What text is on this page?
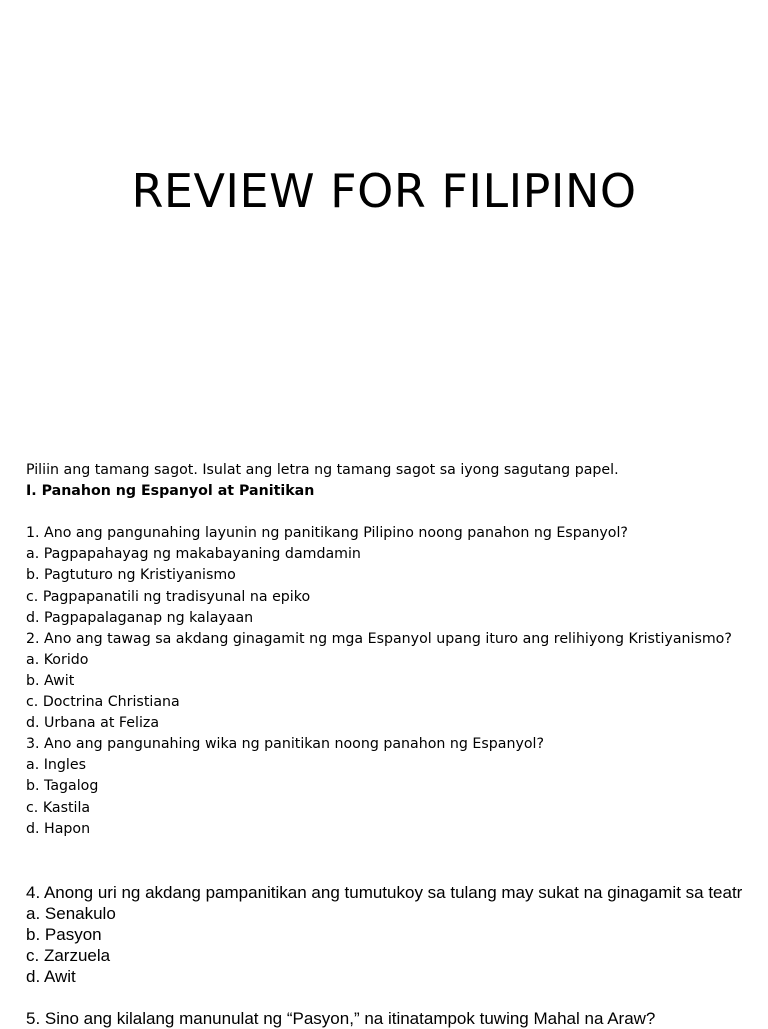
REVIEW FOR FILIPINO
Piliin ang tamang sagot. Isulat ang letra ng tamang sagot sa iyong sagutang papel.
I. Panahon ng Espanyol at Panitikan
1. Ano ang pangunahing layunin ng panitikang Pilipino noong panahon ng Espanyol?
a. Pagpapahayag ng makabayaning damdamin
b. Pagtuturo ng Kristiyanismo
c. Pagpapanatili ng tradisyunal na epiko
d. Pagpapalaganap ng kalayaan
2. Ano ang tawag sa akdang ginagamit ng mga Espanyol upang ituro ang relihiyong Kristiyanismo?
a. Korido
b. Awit
c. Doctrina Christiana
d. Urbana at Feliza
3. Ano ang pangunahing wika ng panitikan noong panahon ng Espanyol?
a. Ingles
b. Tagalog
c. Kastila
d. Hapon
4. Anong uri ng akdang pampanitikan ang tumutukoy sa tulang may sukat na ginagamit sa teatr
a. Senakulo
b. Pasyon
c. Zarzuela
d. Awit
5. Sino ang kilalang manunulat ng “Pasyon,” na itinatampok tuwing Mahal na Araw?
